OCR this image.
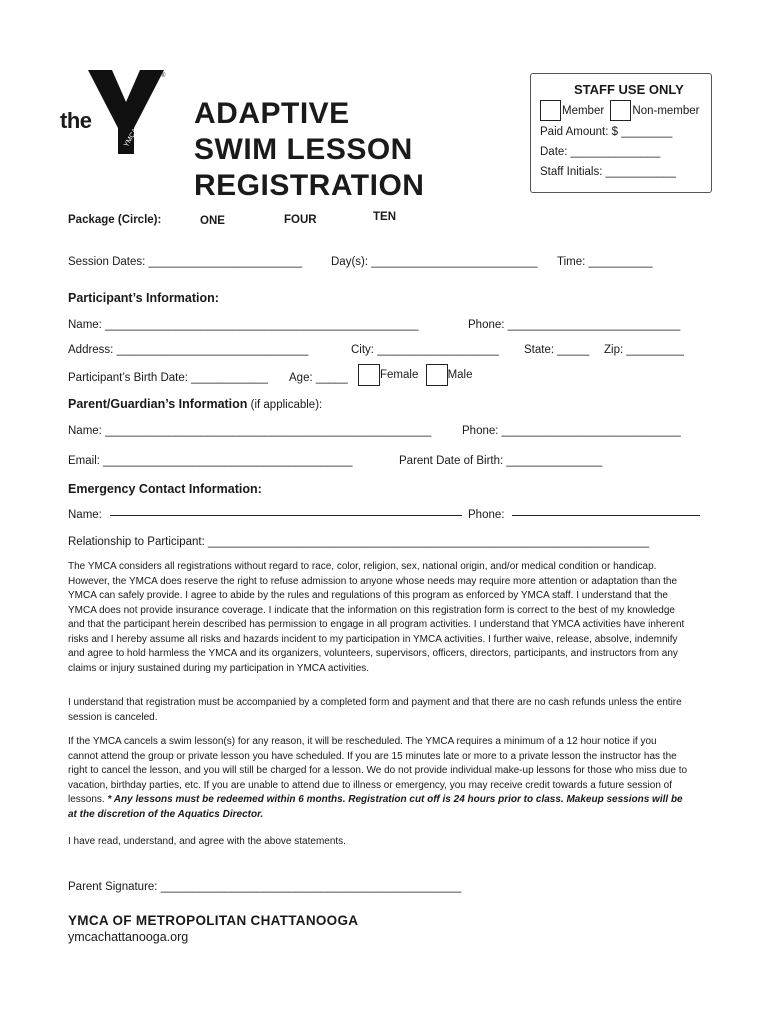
the
YMCA
®
ADAPTIVE
SWIM LESSON
REGISTRATION
STAFF USE ONLY
Member Non-member
Paid Amount: $ ________
Date: ______________
Staff Initials: ___________
Package (Circle):	ONE	FOUR	TEN
Session Dates: ________________________	Day(s): __________________________ Time: __________
Participant’s Information:
Name: _________________________________________________	Phone: ___________________________
Address: ______________________________	City: ___________________ State: _____ Zip: _________
Participant’s Birth Date: ____________ Age: _____	Female	Male
Parent/Guardian’s Information (if applicable):
Name: ___________________________________________________	Phone: ____________________________
Email: _______________________________________	Parent Date of Birth: _______________
Emergency Contact Information:
Name:	Phone:
Relationship to Participant: _____________________________________________________________________
The YMCA considers all registrations without regard to race, color, religion, sex, national origin, and/or medical condition or handicap. However, the YMCA does reserve the right to refuse admission to anyone whose needs may require more attention or adaptation than the YMCA can safely provide. I agree to abide by the rules and regulations of this program as enforced by YMCA staff. I understand that the YMCA does not provide insurance coverage. I indicate that the information on this registration form is correct to the best of my knowledge and that the participant herein described has permission to engage in all program activities. I understand that YMCA activities have inherent risks and I hereby assume all risks and hazards incident to my participation in YMCA activities. I further waive, release, absolve, indemnify and agree to hold harmless the YMCA and its organizers, volunteers, supervisors, officers, directors, participants, and instructors from any claims or injury sustained during my participation in YMCA activities.
I understand that registration must be accompanied by a completed form and payment and that there are no cash refunds unless the entire session is canceled.
If the YMCA cancels a swim lesson(s) for any reason, it will be rescheduled. The YMCA requires a minimum of a 12 hour notice if you cannot attend the group or private lesson you have scheduled. If you are 15 minutes late or more to a private lesson the instructor has the right to cancel the lesson, and you will still be charged for a lesson. We do not provide individual make-up lessons for those who miss due to vacation, birthday parties, etc. If you are unable to attend due to illness or emergency, you may receive credit towards a future session of lessons. * Any lessons must be redeemed within 6 months. Registration cut off is 24 hours prior to class. Makeup sessions will be at the discretion of the Aquatics Director.
I have read, understand, and agree with the above statements.
Parent Signature: _______________________________________________
YMCA OF METROPOLITAN CHATTANOOGA
ymcachattanooga.org
